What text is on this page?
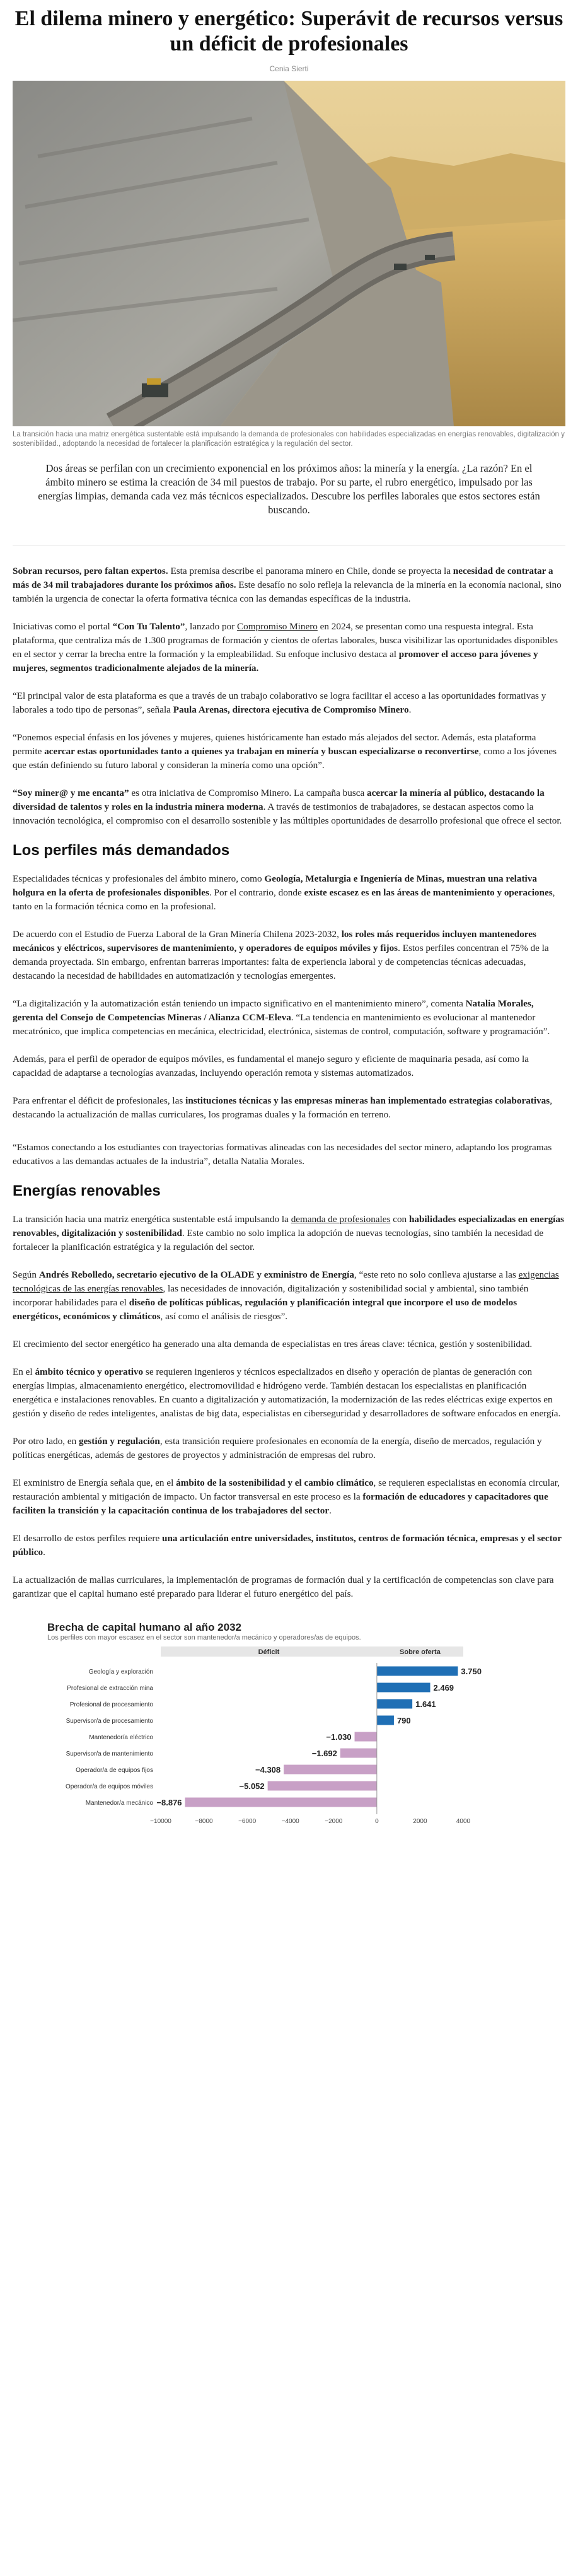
El dilema minero y energético: Superávit de recursos versus un déficit de profesionales
Cenia Sierti
La transición hacia una matriz energética sustentable está impulsando la demanda de profesionales con habilidades especializadas en energías renovables, digitalización y sostenibilidad., adoptando la necesidad de fortalecer la planificación estratégica y la regulación del sector.
Dos áreas se perfilan con un crecimiento exponencial en los próximos años: la minería y la energía. ¿La razón? En el ámbito minero se estima la creación de 34 mil puestos de trabajo. Por su parte, el rubro energético, impulsado por las energías limpias, demanda cada vez más técnicos especializados. Descubre los perfiles laborales que estos sectores están buscando.

Sobran recursos, pero faltan expertos. Esta premisa describe el panorama minero en Chile, donde se proyecta la necesidad de contratar a más de 34 mil trabajadores durante los próximos años. Este desafío no solo refleja la relevancia de la minería en la economía nacional, sino también la urgencia de conectar la oferta formativa técnica con las demandas específicas de la industria.

Iniciativas como el portal “Con Tu Talento”, lanzado por Compromiso Minero en 2024, se presentan como una respuesta integral. Esta plataforma, que centraliza más de 1.300 programas de formación y cientos de ofertas laborales, busca visibilizar las oportunidades disponibles en el sector y cerrar la brecha entre la formación y la empleabilidad. Su enfoque inclusivo destaca al promover el acceso para jóvenes y mujeres, segmentos tradicionalmente alejados de la minería.

“El principal valor de esta plataforma es que a través de un trabajo colaborativo se logra facilitar el acceso a las oportunidades formativas y laborales a todo tipo de personas”, señala Paula Arenas, directora ejecutiva de Compromiso Minero.

“Ponemos especial énfasis en los jóvenes y mujeres, quienes históricamente han estado más alejados del sector. Además, esta plataforma permite acercar estas oportunidades tanto a quienes ya trabajan en minería y buscan especializarse o reconvertirse, como a los jóvenes que están definiendo su futuro laboral y consideran la minería como una opción”.

“Soy miner@ y me encanta” es otra iniciativa de Compromiso Minero. La campaña busca acercar la minería al público, destacando la diversidad de talentos y roles en la industria minera moderna. A través de testimonios de trabajadores, se destacan aspectos como la innovación tecnológica, el compromiso con el desarrollo sostenible y las múltiples oportunidades de desarrollo profesional que ofrece el sector.

Los perfiles más demandados

Especialidades técnicas y profesionales del ámbito minero, como Geología, Metalurgia e Ingeniería de Minas, muestran una relativa holgura en la oferta de profesionales disponibles. Por el contrario, donde existe escasez es en las áreas de mantenimiento y operaciones, tanto en la formación técnica como en la profesional.

De acuerdo con el Estudio de Fuerza Laboral de la Gran Minería Chilena 2023-2032, los roles más requeridos incluyen mantenedores mecánicos y eléctricos, supervisores de mantenimiento, y operadores de equipos móviles y fijos. Estos perfiles concentran el 75% de la demanda proyectada. Sin embargo, enfrentan barreras importantes: falta de experiencia laboral y de competencias técnicas adecuadas, destacando la necesidad de habilidades en automatización y tecnologías emergentes.

“La digitalización y la automatización están teniendo un impacto significativo en el mantenimiento minero”, comenta Natalia Morales, gerenta del Consejo de Competencias Mineras / Alianza CCM-Eleva. “La tendencia en mantenimiento es evolucionar al mantenedor mecatrónico, que implica competencias en mecánica, electricidad, electrónica, sistemas de control, computación, software y programación”.

Además, para el perfil de operador de equipos móviles, es fundamental el manejo seguro y eficiente de maquinaria pesada, así como la capacidad de adaptarse a tecnologías avanzadas, incluyendo operación remota y sistemas automatizados.

Para enfrentar el déficit de profesionales, las instituciones técnicas y las empresas mineras han implementado estrategias colaborativas, destacando la actualización de mallas curriculares, los programas duales y la formación en terreno.

“Estamos conectando a los estudiantes con trayectorias formativas alineadas con las necesidades del sector minero, adaptando los programas educativos a las demandas actuales de la industria”, detalla Natalia Morales.

Energías renovables

La transición hacia una matriz energética sustentable está impulsando la demanda de profesionales con habilidades especializadas en energías renovables, digitalización y sostenibilidad. Este cambio no solo implica la adopción de nuevas tecnologías, sino también la necesidad de fortalecer la planificación estratégica y la regulación del sector.

Según Andrés Rebolledo, secretario ejecutivo de la OLADE y exministro de Energía, “este reto no solo conlleva ajustarse a las exigencias tecnológicas de las energías renovables, las necesidades de innovación, digitalización y sostenibilidad social y ambiental, sino también incorporar habilidades para el diseño de políticas públicas, regulación y planificación integral que incorpore el uso de modelos energéticos, económicos y climáticos, así como el análisis de riesgos”.

El crecimiento del sector energético ha generado una alta demanda de especialistas en tres áreas clave: técnica, gestión y sostenibilidad.

En el ámbito técnico y operativo se requieren ingenieros y técnicos especializados en diseño y operación de plantas de generación con energías limpias, almacenamiento energético, electromovilidad e hidrógeno verde. También destacan los especialistas en planificación energética e instalaciones renovables. En cuanto a digitalización y automatización, la modernización de las redes eléctricas exige expertos en gestión y diseño de redes inteligentes, analistas de big data, especialistas en ciberseguridad y desarrolladores de software enfocados en energía.

Por otro lado, en gestión y regulación, esta transición requiere profesionales en economía de la energía, diseño de mercados, regulación y políticas energéticas, además de gestores de proyectos y administración de empresas del rubro.

El exministro de Energía señala que, en el ámbito de la sostenibilidad y el cambio climático, se requieren especialistas en economía circular, restauración ambiental y mitigación de impacto. Un factor transversal en este proceso es la formación de educadores y capacitadores que faciliten la transición y la capacitación continua de los trabajadores del sector.

El desarrollo de estos perfiles requiere una articulación entre universidades, institutos, centros de formación técnica, empresas y el sector público.

La actualización de mallas curriculares, la implementación de programas de formación dual y la certificación de competencias son clave para garantizar que el capital humano esté preparado para liderar el futuro energético del país.

Brecha de capital humano al año 2032
Los perfiles con mayor escasez en el sector son mantenedor/a mecánico y operadores/as de equipos.
Déficit	Sobre oferta
Geología y exploración	3.750
Profesional de extracción mina	2.469
Profesional de procesamiento	1.641
Supervisor/a de procesamiento	790
Mantenedor/a eléctrico	−1.030
Supervisor/a de mantenimiento	−1.692
Operador/a de equipos fijos	−4.308
Operador/a de equipos móviles	−5.052
Mantenedor/a mecánico −8.876
−10000	−8000	−6000	−4000	−2000	0	2000	4000
